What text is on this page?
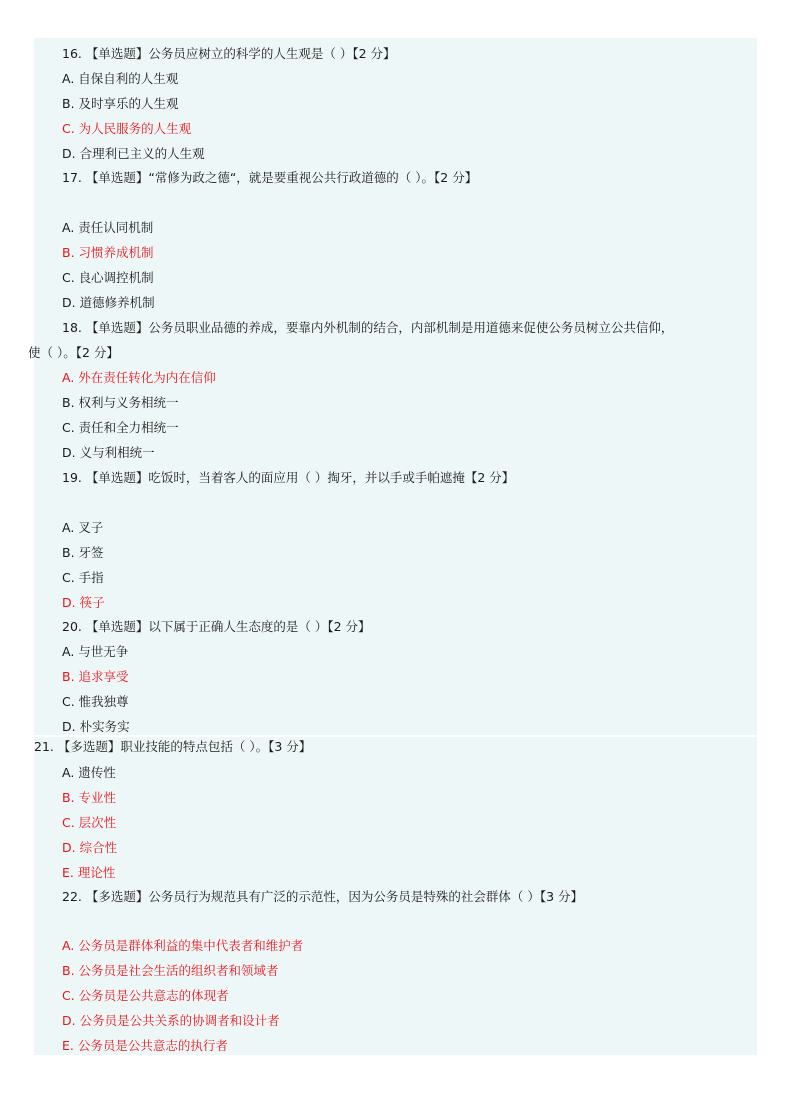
16. 【单选题】公务员应树立的科学的人生观是（ ）【2 分】
A. 自保自利的人生观
B. 及时享乐的人生观
C. 为人民服务的人生观
D. 合理利已主义的人生观
17. 【单选题】“常修为政之德“，就是要重视公共行政道德的（ ）。【2 分】
A. 责任认同机制
B. 习惯养成机制
C. 良心调控机制
D. 道德修养机制
18. 【单选题】公务员职业品德的养成，要靠内外机制的结合，内部机制是用道德来促使公务员树立公共信仰，
使（ ）。【2 分】
A. 外在责任转化为内在信仰
B. 权利与义务相统一
C. 责任和全力相统一
D. 义与利相统一
19. 【单选题】吃饭时，当着客人的面应用（ ）掏牙，并以手或手帕遮掩【2 分】
A. 叉子
B. 牙签
C. 手指
D. 筷子
20. 【单选题】以下属于正确人生态度的是（ ）【2 分】
A. 与世无争
B. 追求享受
C. 惟我独尊
D. 朴实务实
21. 【多选题】职业技能的特点包括（ ）。【3 分】
A. 遗传性
B. 专业性
C. 层次性
D. 综合性
E. 理论性
22. 【多选题】公务员行为规范具有广泛的示范性，因为公务员是特殊的社会群体（ ）【3 分】
A. 公务员是群体利益的集中代表者和维护者
B. 公务员是社会生活的组织者和领域者
C. 公务员是公共意志的体现者
D. 公务员是公共关系的协调者和设计者
E. 公务员是公共意志的执行者
